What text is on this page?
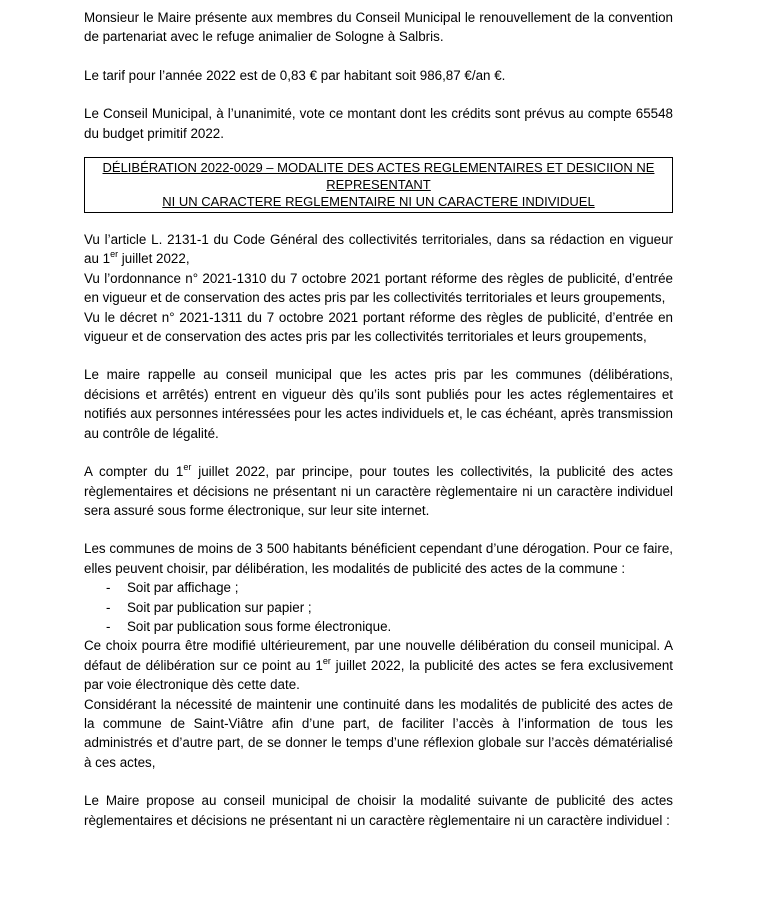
Monsieur le Maire présente aux membres du Conseil Municipal le renouvellement de la convention de partenariat avec le refuge animalier de Sologne à Salbris.

Le tarif pour l’année 2022 est de 0,83 € par habitant soit 986,87 €/an €.

Le Conseil Municipal, à l’unanimité, vote ce montant dont les crédits sont prévus au compte 65548 du budget primitif 2022.

DÉLIBÉRATION 2022-0029 – MODALITE DES ACTES REGLEMENTAIRES ET DESICIION NE REPRESENTANT
NI UN CARACTERE REGLEMENTAIRE NI UN CARACTERE INDIVIDUEL

Vu l’article L. 2131-1 du Code Général des collectivités territoriales, dans sa rédaction en vigueur au 1er juillet 2022,

Vu l’ordonnance n° 2021-1310 du 7 octobre 2021 portant réforme des règles de publicité, d’entrée en vigueur et de conservation des actes pris par les collectivités territoriales et leurs groupements,

Vu le décret n° 2021-1311 du 7 octobre 2021 portant réforme des règles de publicité, d’entrée en vigueur et de conservation des actes pris par les collectivités territoriales et leurs groupements,

Le maire rappelle au conseil municipal que les actes pris par les communes (délibérations, décisions et arrêtés) entrent en vigueur dès qu’ils sont publiés pour les actes réglementaires et notifiés aux personnes intéressées pour les actes individuels et, le cas échéant, après transmission au contrôle de légalité.

A compter du 1er juillet 2022, par principe, pour toutes les collectivités, la publicité des actes règlementaires et décisions ne présentant ni un caractère règlementaire ni un caractère individuel sera assuré sous forme électronique, sur leur site internet.

Les communes de moins de 3 500 habitants bénéficient cependant d’une dérogation. Pour ce faire, elles peuvent choisir, par délibération, les modalités de publicité des actes de la commune :

- Soit par affichage ;
- Soit par publication sur papier ;
- Soit par publication sous forme électronique.

Ce choix pourra être modifié ultérieurement, par une nouvelle délibération du conseil municipal. A défaut de délibération sur ce point au 1er juillet 2022, la publicité des actes se fera exclusivement par voie électronique dès cette date.

Considérant la nécessité de maintenir une continuité dans les modalités de publicité des actes de la commune de Saint-Viâtre afin d’une part, de faciliter l’accès à l’information de tous les administrés et d’autre part, de se donner le temps d’une réflexion globale sur l’accès dématérialisé à ces actes,

Le Maire propose au conseil municipal de choisir la modalité suivante de publicité des actes règlementaires et décisions ne présentant ni un caractère règlementaire ni un caractère individuel :
